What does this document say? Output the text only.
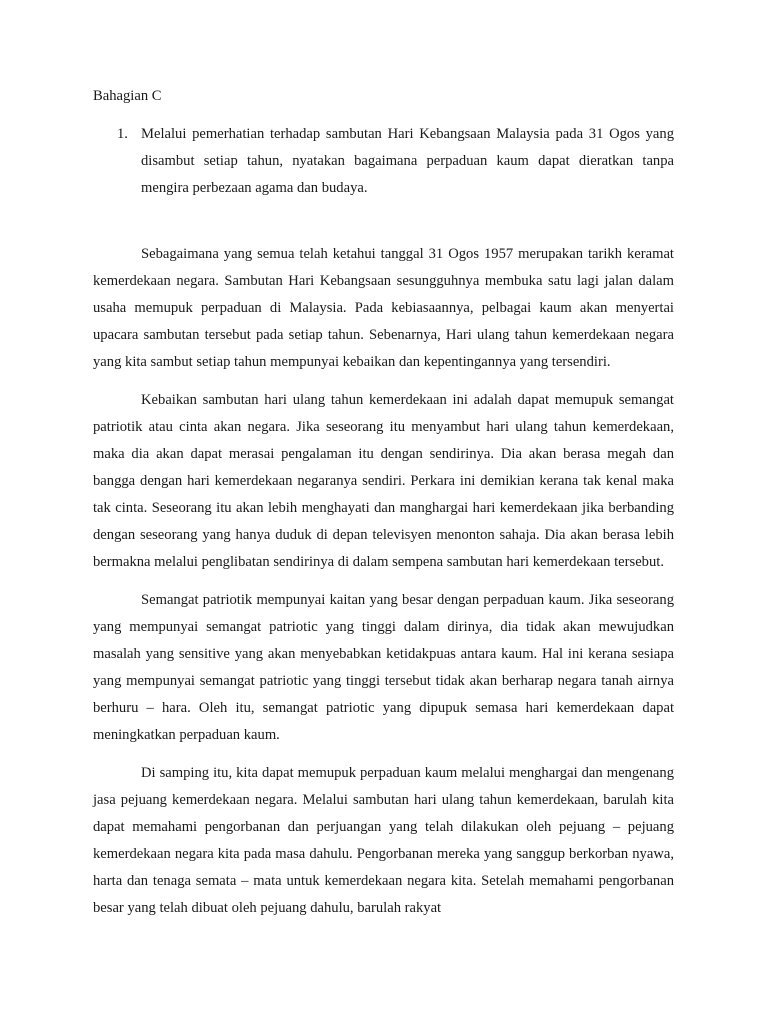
Bahagian C
1. Melalui pemerhatian terhadap sambutan Hari Kebangsaan Malaysia pada 31 Ogos yang disambut setiap tahun, nyatakan bagaimana perpaduan kaum dapat dieratkan tanpa mengira perbezaan agama dan budaya.

Sebagaimana yang semua telah ketahui tanggal 31 Ogos 1957 merupakan tarikh keramat kemerdekaan negara. Sambutan Hari Kebangsaan sesungguhnya membuka satu lagi jalan dalam usaha memupuk perpaduan di Malaysia. Pada kebiasaannya, pelbagai kaum akan menyertai upacara sambutan tersebut pada setiap tahun. Sebenarnya, Hari ulang tahun kemerdekaan negara yang kita sambut setiap tahun mempunyai kebaikan dan kepentingannya yang tersendiri.

Kebaikan sambutan hari ulang tahun kemerdekaan ini adalah dapat memupuk semangat patriotik atau cinta akan negara. Jika seseorang itu menyambut hari ulang tahun kemerdekaan, maka dia akan dapat merasai pengalaman itu dengan sendirinya. Dia akan berasa megah dan bangga dengan hari kemerdekaan negaranya sendiri. Perkara ini demikian kerana tak kenal maka tak cinta. Seseorang itu akan lebih menghayati dan manghargai hari kemerdekaan jika berbanding dengan seseorang yang hanya duduk di depan televisyen menonton sahaja. Dia akan berasa lebih bermakna melalui penglibatan sendirinya di dalam sempena sambutan hari kemerdekaan tersebut.

Semangat patriotik mempunyai kaitan yang besar dengan perpaduan kaum. Jika seseorang yang mempunyai semangat patriotic yang tinggi dalam dirinya, dia tidak akan mewujudkan masalah yang sensitive yang akan menyebabkan ketidakpuas antara kaum. Hal ini kerana sesiapa yang mempunyai semangat patriotic yang tinggi tersebut tidak akan berharap negara tanah airnya berhuru – hara. Oleh itu, semangat patriotic yang dipupuk semasa hari kemerdekaan dapat meningkatkan perpaduan kaum.

Di samping itu, kita dapat memupuk perpaduan kaum melalui menghargai dan mengenang jasa pejuang kemerdekaan negara. Melalui sambutan hari ulang tahun kemerdekaan, barulah kita dapat memahami pengorbanan dan perjuangan yang telah dilakukan oleh pejuang – pejuang kemerdekaan negara kita pada masa dahulu. Pengorbanan mereka yang sanggup berkorban nyawa, harta dan tenaga semata – mata untuk kemerdekaan negara kita. Setelah memahami pengorbanan besar yang telah dibuat oleh pejuang dahulu, barulah rakyat
